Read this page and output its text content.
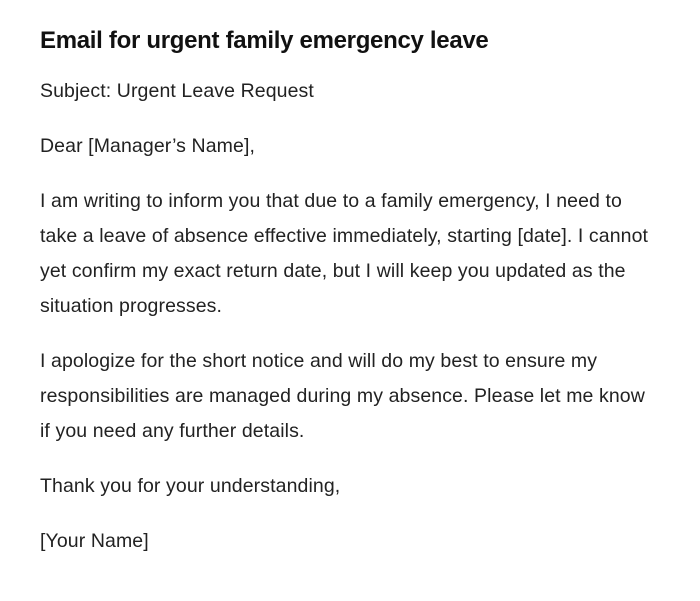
Email for urgent family emergency leave

Subject: Urgent Leave Request

Dear [Manager’s Name],

I am writing to inform you that due to a family emergency, I need to take a leave of absence effective immediately, starting [date]. I cannot yet confirm my exact return date, but I will keep you updated as the situation progresses.

I apologize for the short notice and will do my best to ensure my responsibilities are managed during my absence. Please let me know if you need any further details.

Thank you for your understanding,

[Your Name]
